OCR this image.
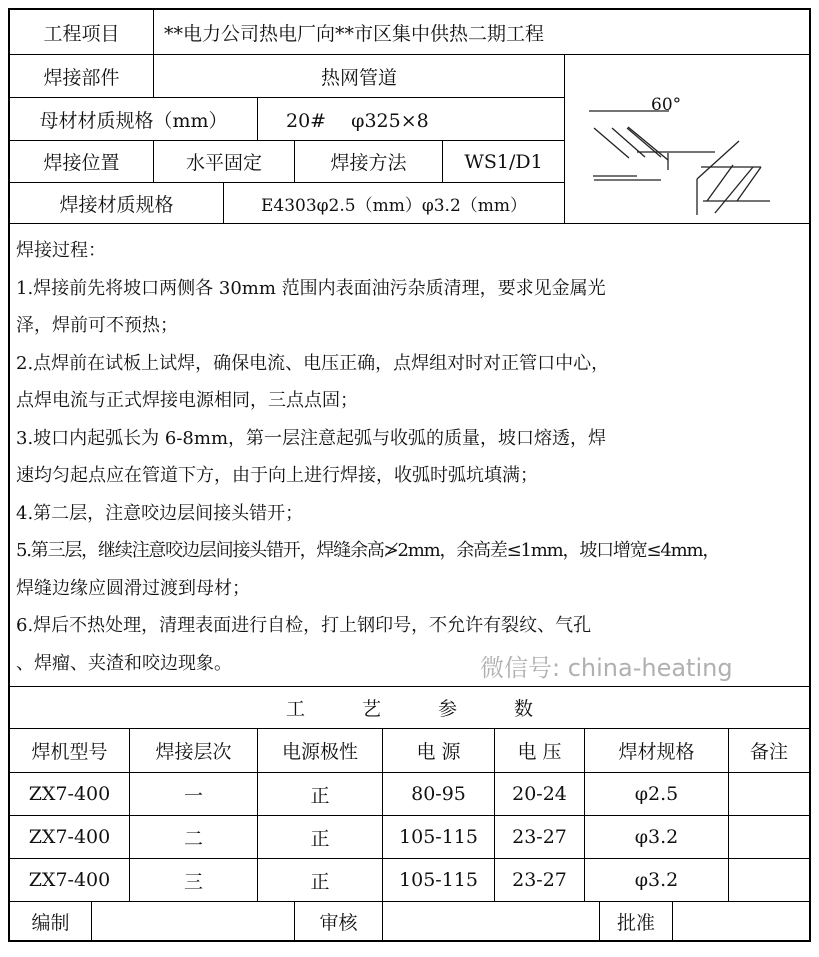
工程项目	**电力公司热电厂向**市区集中供热二期工程
焊接部件	热网管道
60°
母材材质规格（mm）	20#　 φ325×8
焊接位置	水平固定	焊接方法	WS1/D1
焊接材质规格	E4303φ2.5（mm）φ3.2（mm）
焊接过程：
1.焊接前先将坡口两侧各 30mm 范围内表面油污杂质清理，要求见金属光
泽，焊前可不预热；
2.点焊前在试板上试焊，确保电流、电压正确，点焊组对时对正管口中心，
点焊电流与正式焊接电源相同，三点点固；
3.坡口内起弧长为 6-8mm，第一层注意起弧与收弧的质量，坡口熔透，焊
速均匀起点应在管道下方，由于向上进行焊接，收弧时弧坑填满；
4.第二层，注意咬边层间接头错开；
5.第三层，继续注意咬边层间接头错开，焊缝余高≯2mm，余高差≤1mm，坡口增宽≤4mm，
焊缝边缘应圆滑过渡到母材；
6.焊后不热处理，清理表面进行自检，打上钢印号，不允许有裂纹、气孔
、焊瘤、夹渣和咬边现象。
工　　　艺　　　参　　　数
编制	审核	批准
焊机型号	焊接层次	电源极性	电 源	电 压	焊材规格	备注
ZX7-400	一	正	80-95	20-24	φ2.5
ZX7-400	二	正	105-115	23-27	φ3.2
ZX7-400	三	正	105-115	23-27	φ3.2
微信号: china-heating
